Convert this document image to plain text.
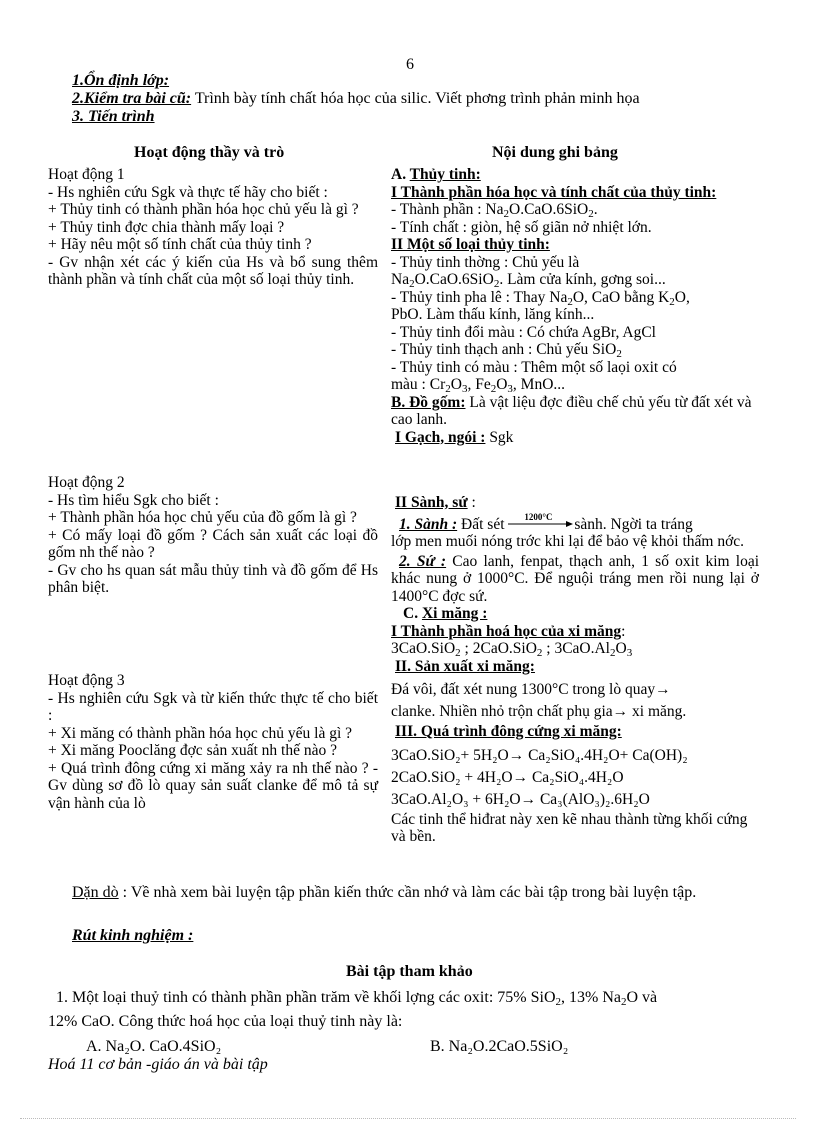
6
1.Ổn định lớp:
2.Kiểm tra bài cũ: Trình bày tính chất hóa học của silic. Viết phơng trình phản minh họa
3. Tiến trình
Hoạt động thầy và trò	Nội dung ghi bảng

Hoạt động 1

- Hs nghiên cứu Sgk và thực tế hãy cho biết :

+ Thủy tinh có thành phần hóa học chủ yếu là gì ?

+ Thủy tinh đợc chia thành mấy loại ?

+ Hãy nêu một số tính chất của thủy tinh ?

- Gv nhận xét các ý kiến của Hs và bổ sung thêm thành phần và tính chất của một số loại thủy tinh.

Hoạt động 2

- Hs tìm hiểu Sgk cho biết :

+ Thành phần hóa học chủ yếu của đồ gốm là gì ?

+ Có mấy loại đồ gốm ? Cách sản xuất các loại đồ gốm nh thế nào ?

- Gv cho hs quan sát mẫu thủy tinh và đồ gốm để Hs phân biệt.

Hoạt động 3

- Hs nghiên cứu Sgk và từ kiến thức thực tế cho biết :

+ Xi măng có thành phần hóa học chủ yếu là gì ?

+ Xi măng Pooclăng đợc sản xuất nh thế nào ?

+ Quá trình đông cứng xi măng xảy ra nh thế nào ? - Gv dùng sơ đồ lò quay sản suất clanke để mô tả sự vận hành của lò

A. Thủy tinh:

I Thành phần hóa học và tính chất của thủy tinh:

- Thành phần : $Na_2O.CaO.6SiO_2$.

- Tính chất : giòn, hệ số giãn nở nhiệt lớn.

II Một số loại thủy tinh:

- Thủy tinh thờng : Chủ yếu là
$Na_2O.CaO.6SiO_2$. Làm cửa kính, gơng soi...

- Thủy tinh pha lê : Thay $Na_2O$, CaO bằng $K_2O$,
PbO. Làm thấu kính, lăng kính...

- Thủy tinh đổi màu : Có chứa AgBr, AgCl

- Thủy tinh thạch anh : Chủ yếu SiO$_2$

- Thủy tinh có màu : Thêm một số laọi oxit có
màu : $Cr_2O_3$, $Fe_2O_3$, MnO...

B. Đồ gốm: Là vật liệu đợc điều chế chủ yếu từ đất xét và cao lanh.

I Gạch, ngói : Sgk

II Sành, sứ :

1. Sành : Đất sét 1200°C sành. Ngời ta tráng
lớp men muối nóng trớc khi lại để bảo vệ khỏi thấm nớc.

2. Sứ : Cao lanh, fenpat, thạch anh, 1 số oxit kim loại khác nung ở 1000°C. Để nguội tráng men rồi nung lại ở 1400°C đợc sứ.

C. Xi măng :

I Thành phần hoá học của xi măng:

3CaO.SiO$_2$ ; 2CaO.SiO$_2$ ; $3CaO.Al_2O_3$

II. Sản xuất xi măng:

Đá vôi, đất xét nung 1300°C trong lò quay→
clanke. Nhiền nhỏ trộn chất phụ gia→ xi măng.

III. Quá trình đông cứng xi măng:

3CaO.SiO₂+ 5H₂O→ Ca₂SiO₄.4H₂O+ Ca(OH)₂

2CaO.SiO₂ + 4H₂O→ Ca₂SiO₄.4H₂O

3CaO.Al₂O₃ + 6H₂O→ Ca₃(AlO₃)₂.6H₂O

Các tinh thể hiđrat này xen kẽ nhau thành từng khối cứng và bền.

Dặn dò : Về nhà xem bài luyện tập phần kiến thức cần nhớ và làm các bài tập trong bài luyện tập.
Rút kinh nghiệm :
Bài tập tham khảo
1. Một loại thuỷ tinh có thành phần phần trăm về khối lợng các oxit: 75% SiO$_2$, 13% $Na_2O$ và
12% CaO. Công thức hoá học của loại thuỷ tinh này là:
A. Na₂O. CaO.4SiO₂	B. Na₂O.2CaO.5SiO₂
Hoá 11 cơ bản -giáo án và bài tập
